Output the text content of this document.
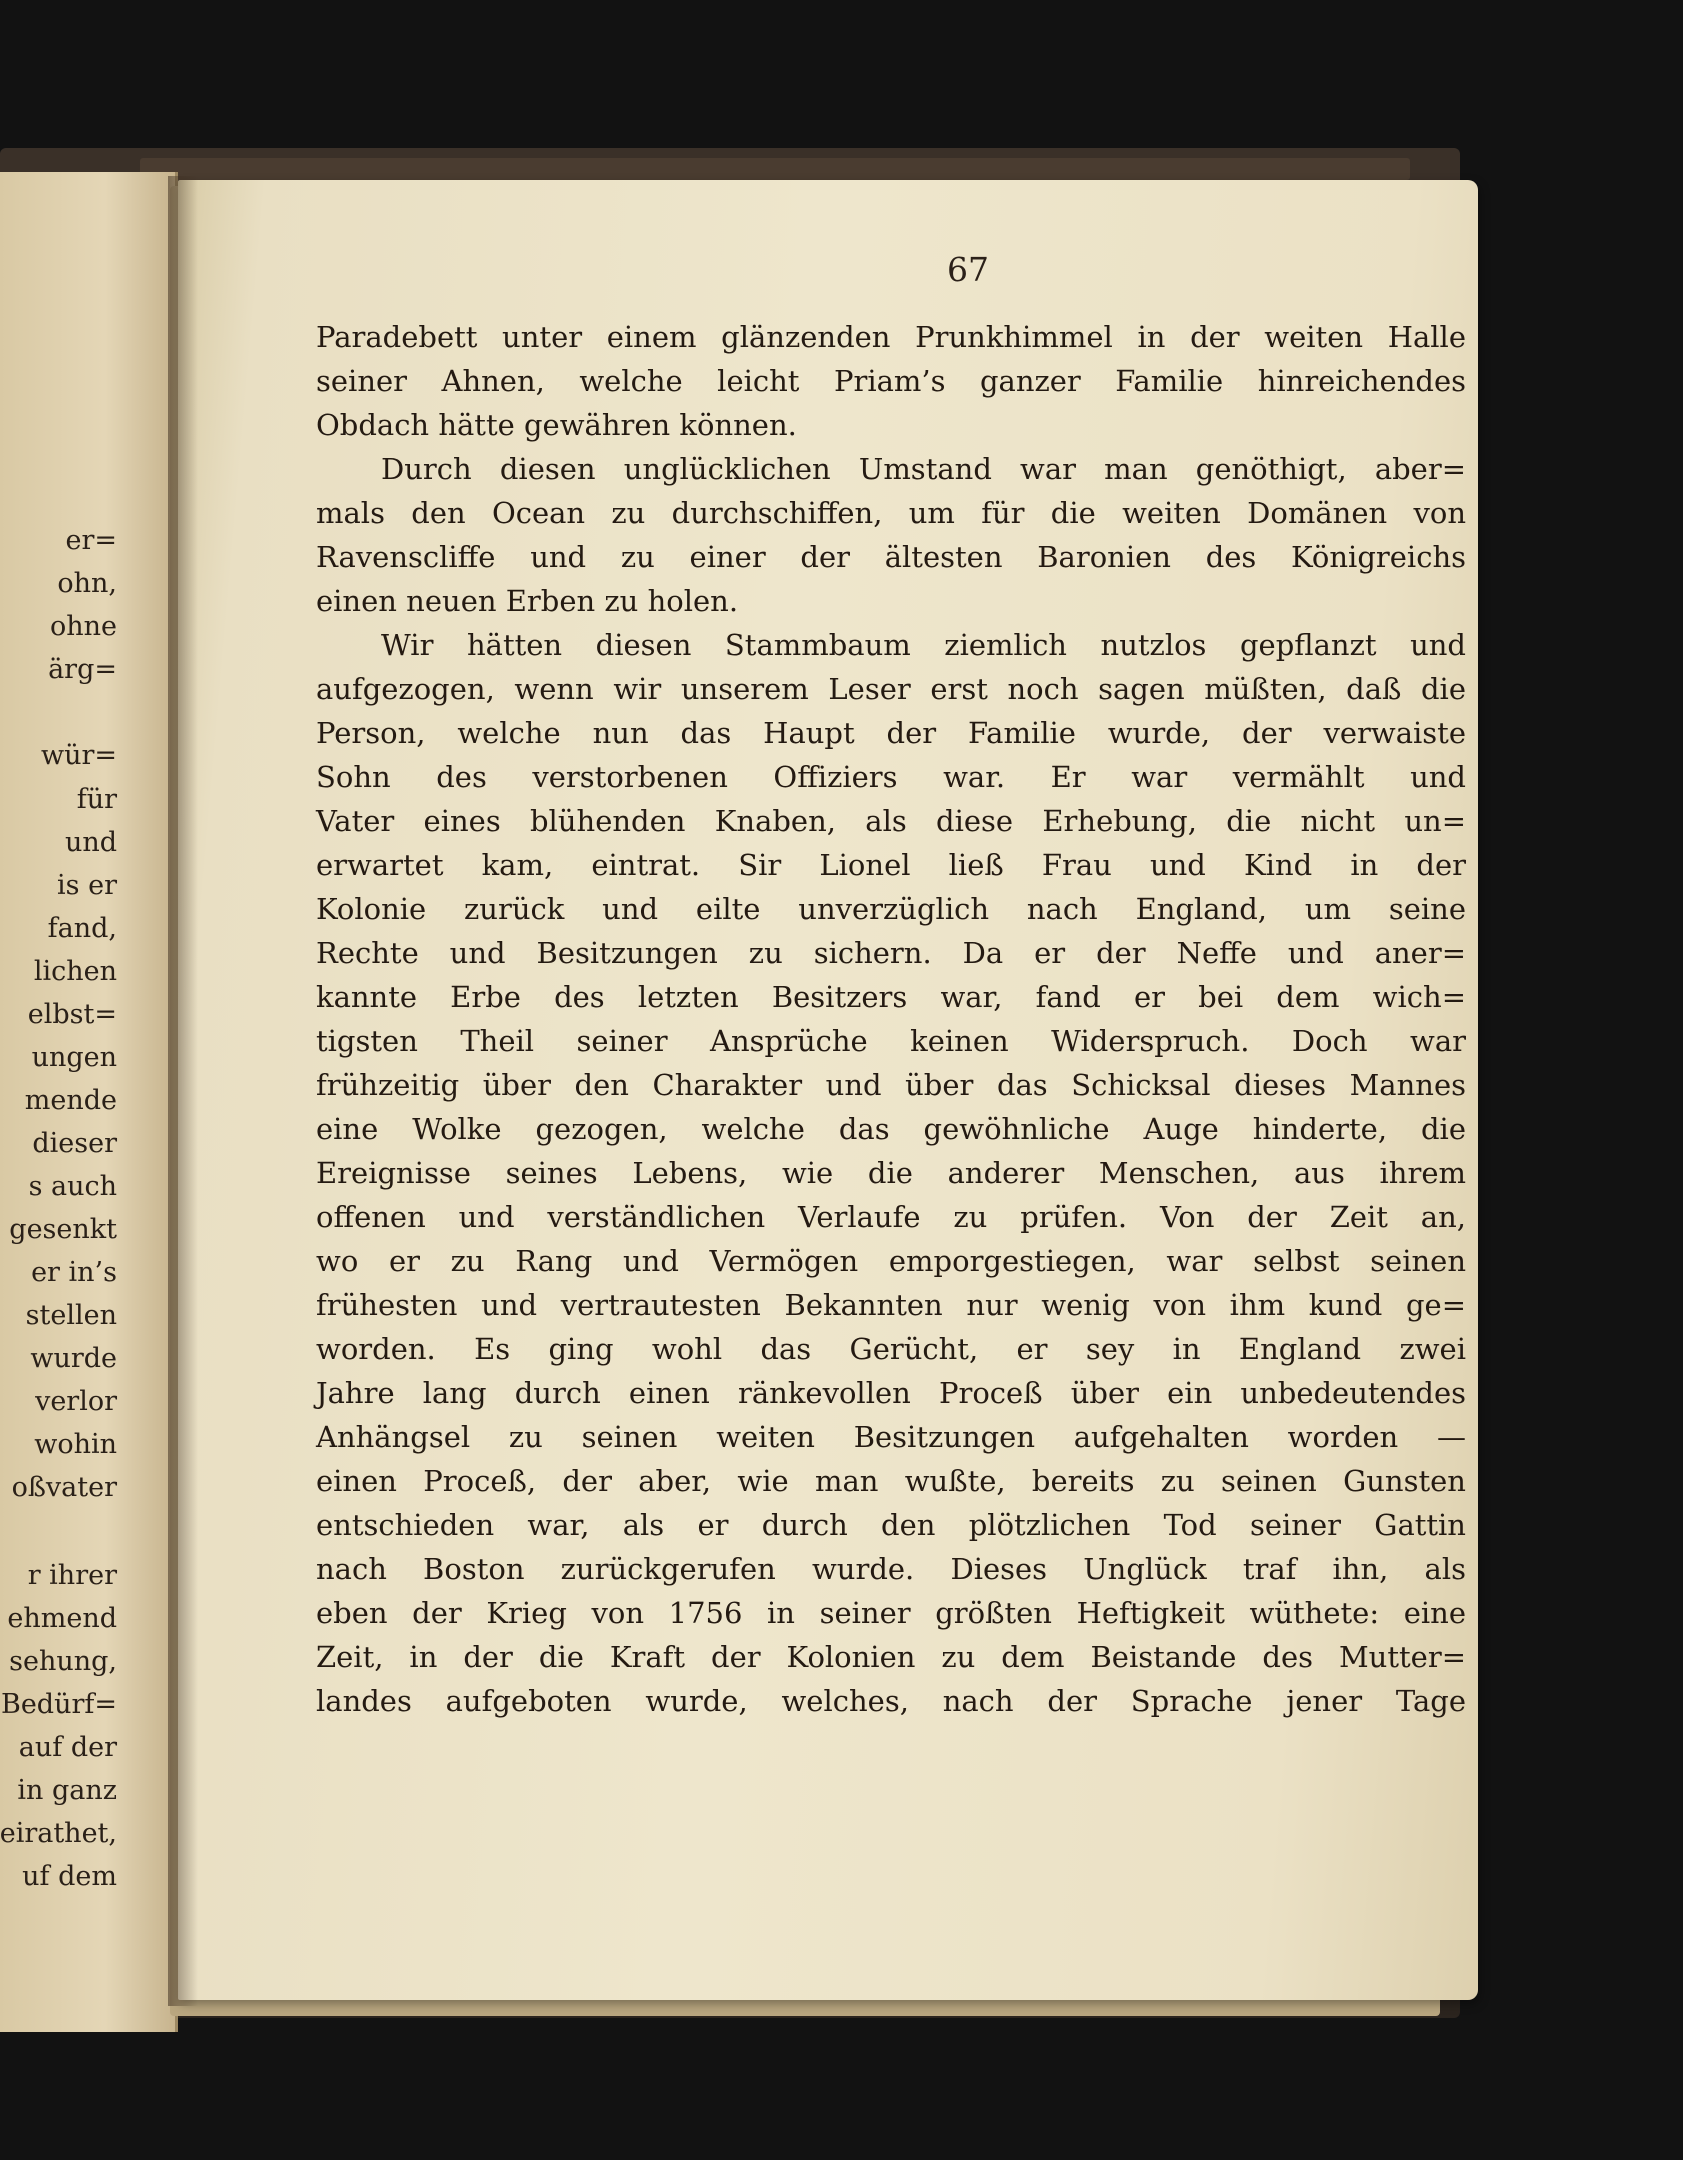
er=
ohn,
ohne
ärg=
wür=
für
und
is er
fand,
lichen
elbst=
ungen
mende
dieser
s auch
gesenkt
er in’s
stellen
wurde
verlor
wohin
oßvater
r ihrer
ehmend
sehung,
Bedürf=
auf der
in ganz
eirathet,
uf dem
67
Paradebett unter einem glänzenden Prunkhimmel in der weiten Halle
seiner Ahnen, welche leicht Priam’s ganzer Familie hinreichendes
Obdach hätte gewähren können.
Durch diesen unglücklichen Umstand war man genöthigt, aber=
mals den Ocean zu durchschiffen, um für die weiten Domänen von
Ravenscliffe und zu einer der ältesten Baronien des Königreichs
einen neuen Erben zu holen.
Wir hätten diesen Stammbaum ziemlich nutzlos gepflanzt und
aufgezogen, wenn wir unserem Leser erst noch sagen müßten, daß die
Person, welche nun das Haupt der Familie wurde, der verwaiste
Sohn des verstorbenen Offiziers war. Er war vermählt und
Vater eines blühenden Knaben, als diese Erhebung, die nicht un=
erwartet kam, eintrat. Sir Lionel ließ Frau und Kind in der
Kolonie zurück und eilte unverzüglich nach England, um seine
Rechte und Besitzungen zu sichern. Da er der Neffe und aner=
kannte Erbe des letzten Besitzers war, fand er bei dem wich=
tigsten Theil seiner Ansprüche keinen Widerspruch. Doch war
frühzeitig über den Charakter und über das Schicksal dieses Mannes
eine Wolke gezogen, welche das gewöhnliche Auge hinderte, die
Ereignisse seines Lebens, wie die anderer Menschen, aus ihrem
offenen und verständlichen Verlaufe zu prüfen. Von der Zeit an,
wo er zu Rang und Vermögen emporgestiegen, war selbst seinen
frühesten und vertrautesten Bekannten nur wenig von ihm kund ge=
worden. Es ging wohl das Gerücht, er sey in England zwei
Jahre lang durch einen ränkevollen Proceß über ein unbedeutendes
Anhängsel zu seinen weiten Besitzungen aufgehalten worden —
einen Proceß, der aber, wie man wußte, bereits zu seinen Gunsten
entschieden war, als er durch den plötzlichen Tod seiner Gattin
nach Boston zurückgerufen wurde. Dieses Unglück traf ihn, als
eben der Krieg von 1756 in seiner größten Heftigkeit wüthete: eine
Zeit, in der die Kraft der Kolonien zu dem Beistande des Mutter=
landes aufgeboten wurde, welches, nach der Sprache jener Tage
